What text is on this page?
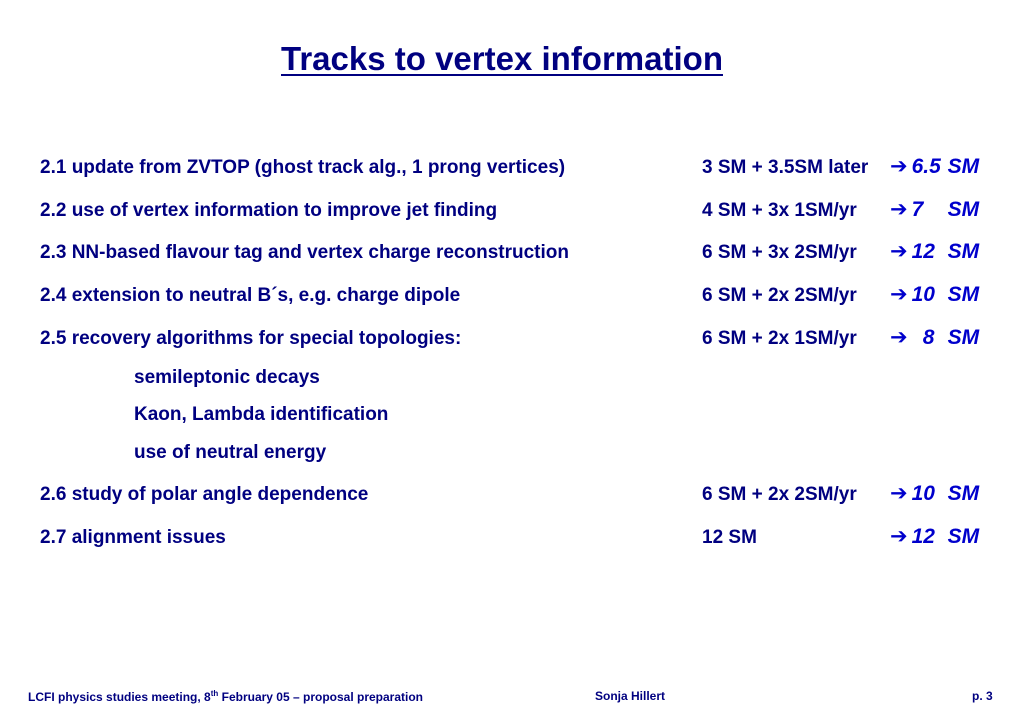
Tracks to vertex information
2.1 update from ZVTOP (ghost track alg., 1 prong vertices)	3 SM + 3.5SM later ➔ 6.5 SM
2.2 use of vertex information to improve jet finding	4 SM + 3x 1SM/yr ➔ 7 SM
2.3 NN-based flavour tag and vertex charge reconstruction	6 SM + 3x 2SM/yr ➔ 12 SM
2.4 extension to neutral B´s, e.g. charge dipole	6 SM + 2x 2SM/yr ➔ 10 SM
2.5 recovery algorithms for special topologies:	6 SM + 2x 1SM/yr ➔ 8 SM
semileptonic decays
Kaon, Lambda identification
use of neutral energy
2.6 study of polar angle dependence	6 SM + 2x 2SM/yr ➔ 10 SM
2.7 alignment issues	12 SM	➔ 12 SM
LCFI physics studies meeting, 8th February 05 – proposal preparation	Sonja Hillert	p. 3
